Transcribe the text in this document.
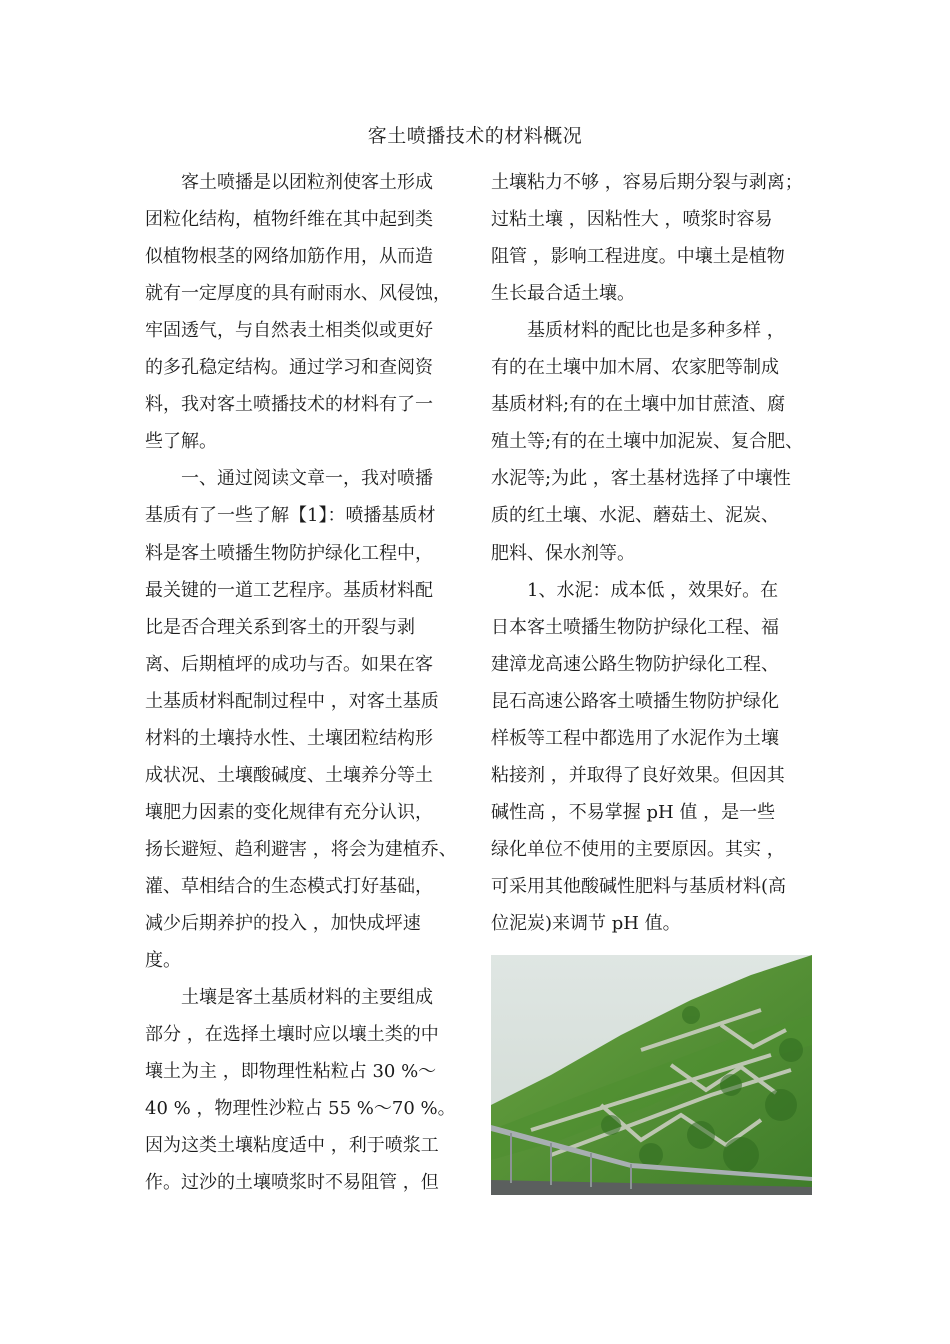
客土喷播技术的材料概况
客土喷播是以团粒剂使客土形成
团粒化结构，植物纤维在其中起到类
似植物根茎的网络加筋作用，从而造
就有一定厚度的具有耐雨水、风侵蚀，
牢固透气，与自然表土相类似或更好
的多孔稳定结构。通过学习和查阅资
料，我对客土喷播技术的材料有了一
些了解。
一、通过阅读文章一，我对喷播
基质有了一些了解【1】：喷播基质材
料是客土喷播生物防护绿化工程中，
最关键的一道工艺程序。基质材料配
比是否合理关系到客土的开裂与剥
离、后期植坪的成功与否。如果在客
土基质材料配制过程中 ，对客土基质
材料的土壤持水性、土壤团粒结构形
成状况、土壤酸碱度、土壤养分等土
壤肥力因素的变化规律有充分认识，
扬长避短、趋利避害 ，将会为建植乔、
灌、草相结合的生态模式打好基础，
减少后期养护的投入 ，加快成坪速
度。
土壤是客土基质材料的主要组成
部分 ，在选择土壤时应以壤土类的中
壤土为主 ，即物理性粘粒占 30 %～
40 % ，物理性沙粒占 55 %～70 %。
因为这类土壤粘度适中 ，利于喷浆工
作。过沙的土壤喷浆时不易阻管 ，但
土壤粘力不够 ，容易后期分裂与剥离；
过粘土壤 ，因粘性大 ，喷浆时容易
阻管 ，影响工程进度。中壤土是植物
生长最合适土壤。
基质材料的配比也是多种多样 ，
有的在土壤中加木屑、农家肥等制成
基质材料;有的在土壤中加甘蔗渣、腐
殖土等;有的在土壤中加泥炭、复合肥、
水泥等;为此 ，客土基材选择了中壤性
质的红土壤、水泥、蘑菇土、泥炭、
肥料、保水剂等。
1、水泥：成本低 ，效果好。在
日本客土喷播生物防护绿化工程、福
建漳龙高速公路生物防护绿化工程、
昆石高速公路客土喷播生物防护绿化
样板等工程中都选用了水泥作为土壤
粘接剂 ，并取得了良好效果。但因其
碱性高 ，不易掌握 pH 值 ，是一些
绿化单位不使用的主要原因。其实 ，
可采用其他酸碱性肥料与基质材料(高
位泥炭)来调节 pH 值。
